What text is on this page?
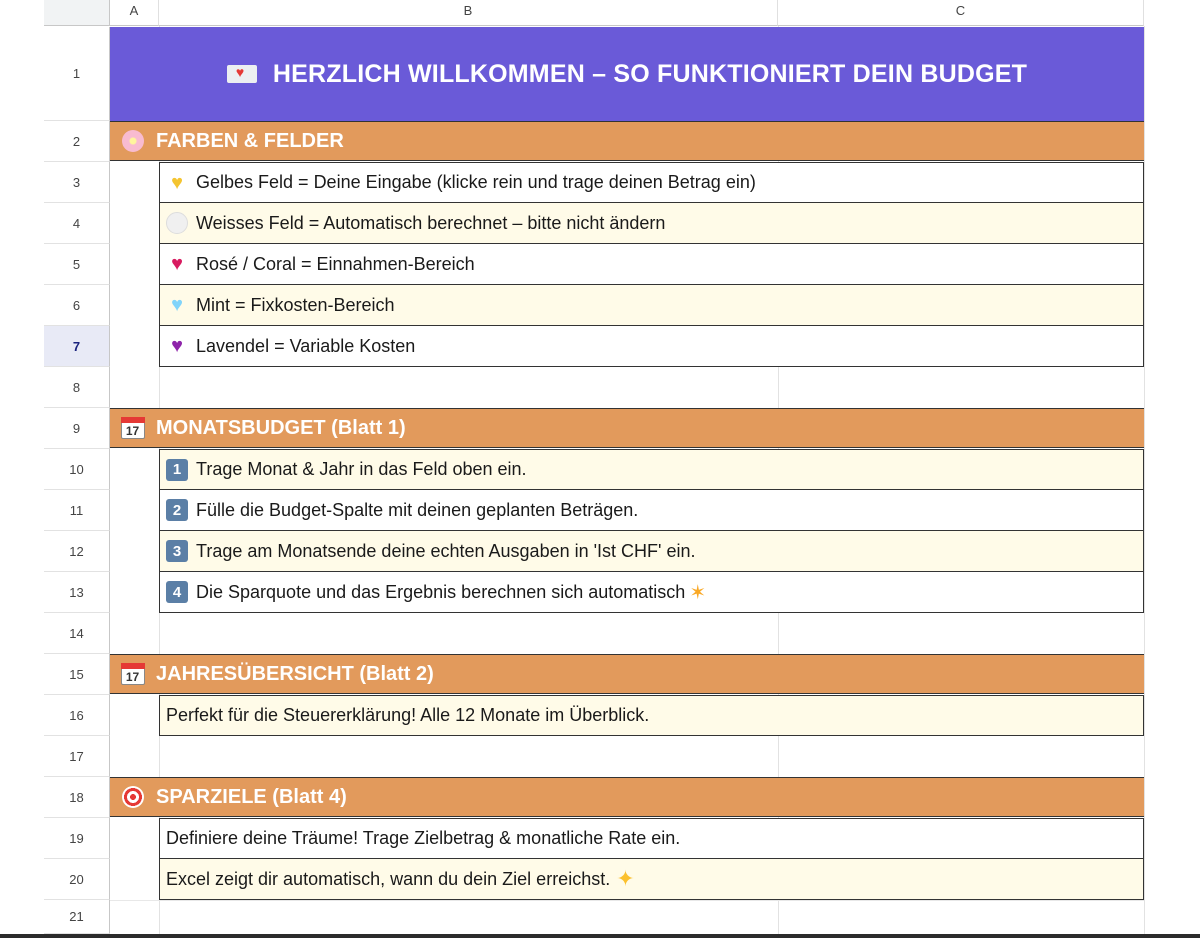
A	B	C
1
2
3
4
5
6
7
8
9
10
11
12
13
14
15
16
17
18
19
20
21
♥
HERZLICH WILLKOMMEN – SO FUNKTIONIERT DEIN BUDGET
FARBEN & FELDER
♥ Gelbes Feld = Deine Eingabe (klicke rein und trage deinen Betrag ein)
Weisses Feld = Automatisch berechnet – bitte nicht ändern
♥ Rosé / Coral = Einnahmen-Bereich
♥ Mint = Fixkosten-Bereich
♥ Lavendel = Variable Kosten
17 MONATSBUDGET (Blatt 1)
1 Trage Monat & Jahr in das Feld oben ein.
2 Fülle die Budget-Spalte mit deinen geplanten Beträgen.
3 Trage am Monatsende deine echten Ausgaben in 'Ist CHF' ein.
4 Die Sparquote und das Ergebnis berechnen sich automatisch ✶
17 JAHRESÜBERSICHT (Blatt 2)
Perfekt für die Steuererklärung! Alle 12 Monate im Überblick.
SPARZIELE (Blatt 4)
Definiere deine Träume! Trage Zielbetrag & monatliche Rate ein.
Excel zeigt dir automatisch, wann du dein Ziel erreichst. ✦
